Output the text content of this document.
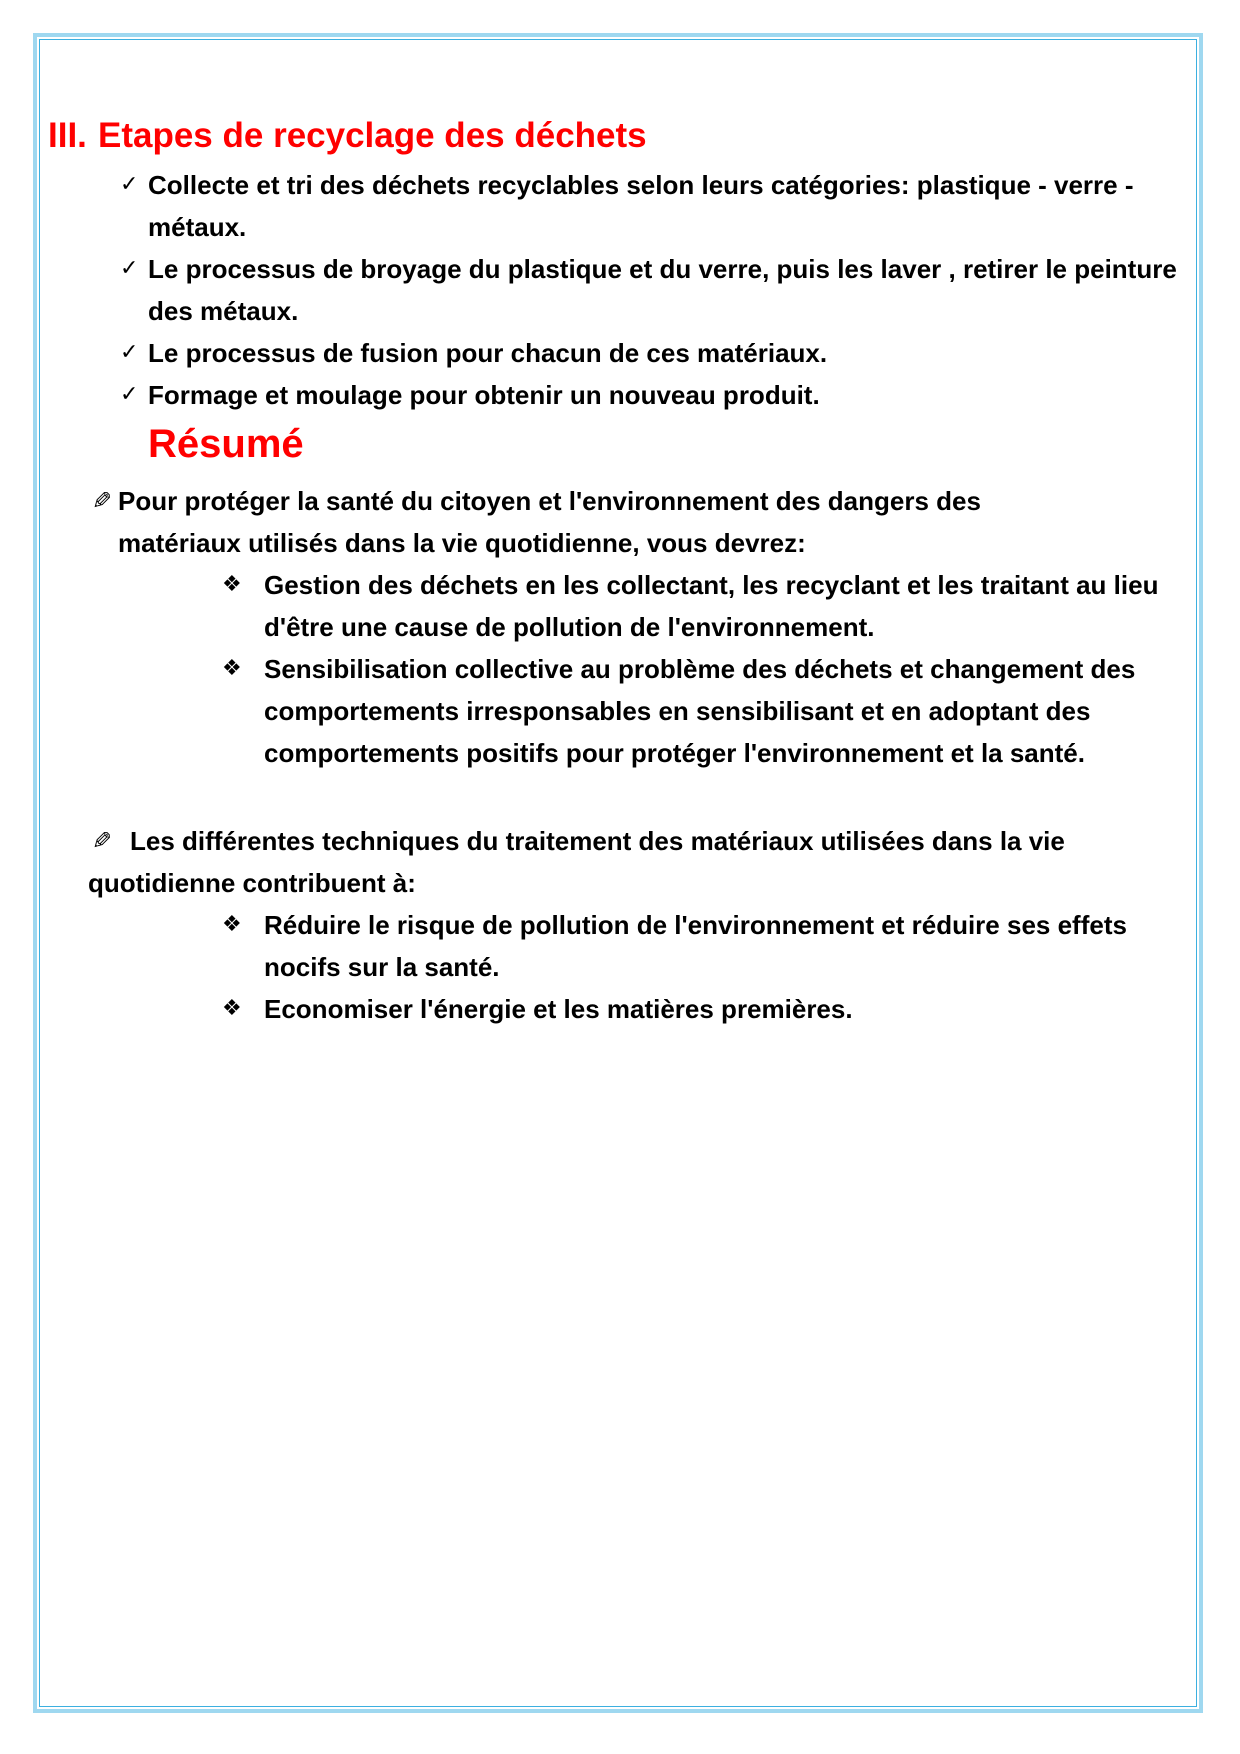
III. Etapes de recyclage des déchets
✓ Collecte et tri des déchets recyclables selon leurs catégories: plastique - verre - métaux.
✓ Le processus de broyage du plastique et du verre, puis les laver , retirer le peinture des métaux.
✓ Le processus de fusion pour chacun de ces matériaux.
✓ Formage et moulage pour obtenir un nouveau produit.
Résumé
✎ Pour protéger la santé du citoyen et l'environnement des dangers des matériaux utilisés dans la vie quotidienne, vous devrez:
❖ Gestion des déchets en les collectant, les recyclant et les traitant au lieu d'être une cause de pollution de l'environnement.
❖ Sensibilisation collective au problème des déchets et changement des comportements irresponsables en sensibilisant et en adoptant des comportements positifs pour protéger l'environnement et la santé.
✎ Les différentes techniques du traitement des matériaux utilisées dans la vie quotidienne contribuent à:
❖ Réduire le risque de pollution de l'environnement et réduire ses effets nocifs sur la santé.
❖ Economiser l'énergie et les matières premières.
